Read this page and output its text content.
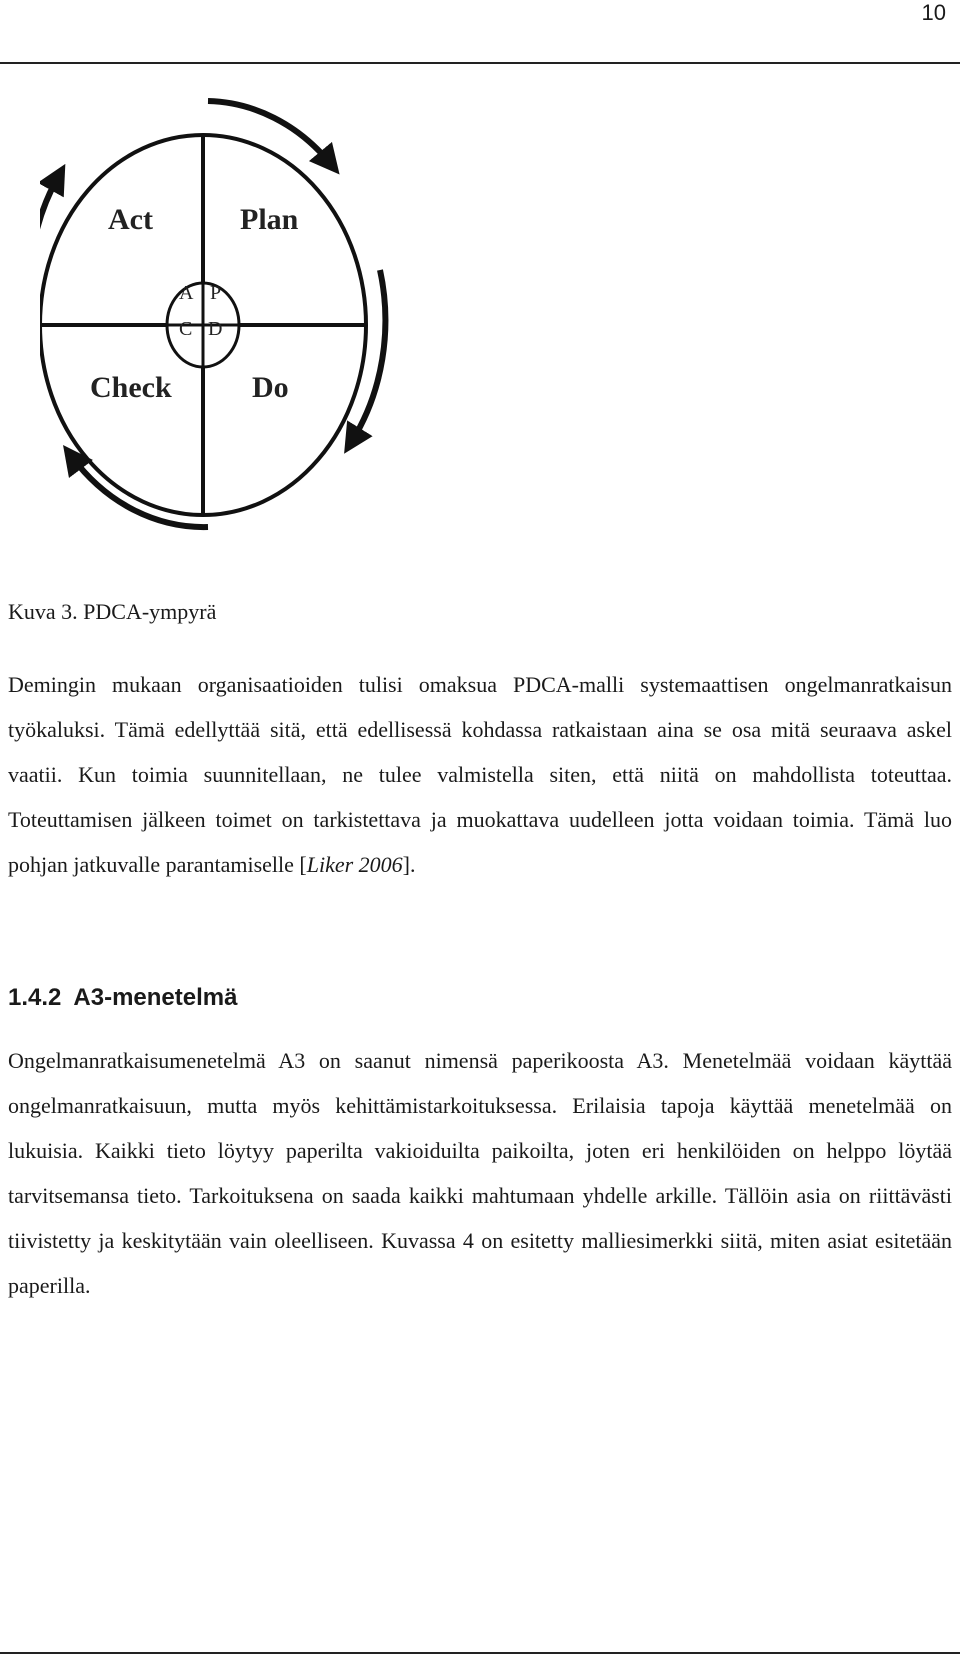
10
Act	Plan
Check	Do
A P
C D
Kuva 3. PDCA-ympyrä

Demingin mukaan organisaatioiden tulisi omaksua PDCA-malli systemaattisen ongelmanratkaisun työkaluksi. Tämä edellyttää sitä, että edellisessä kohdassa ratkaistaan aina se osa mitä seuraava askel vaatii. Kun toimia suunnitellaan, ne tulee valmistella siten, että niitä on mahdollista toteuttaa. Toteuttamisen jälkeen toimet on tarkistettava ja muokattava uudelleen jotta voidaan toimia. Tämä luo pohjan jatkuvalle parantamiselle [Liker 2006].

1.4.2 A3-menetelmä

Ongelmanratkaisumenetelmä A3 on saanut nimensä paperikoosta A3. Menetelmää voidaan käyttää ongelmanratkaisuun, mutta myös kehittämistarkoituksessa. Erilaisia tapoja käyttää menetelmää on lukuisia. Kaikki tieto löytyy paperilta vakioiduilta paikoilta, joten eri henkilöiden on helppo löytää tarvitsemansa tieto. Tarkoituksena on saada kaikki mahtumaan yhdelle arkille. Tällöin asia on riittävästi tiivistetty ja keskitytään vain oleelliseen. Kuvassa 4 on esitetty malliesimerkki siitä, miten asiat esitetään paperilla.
